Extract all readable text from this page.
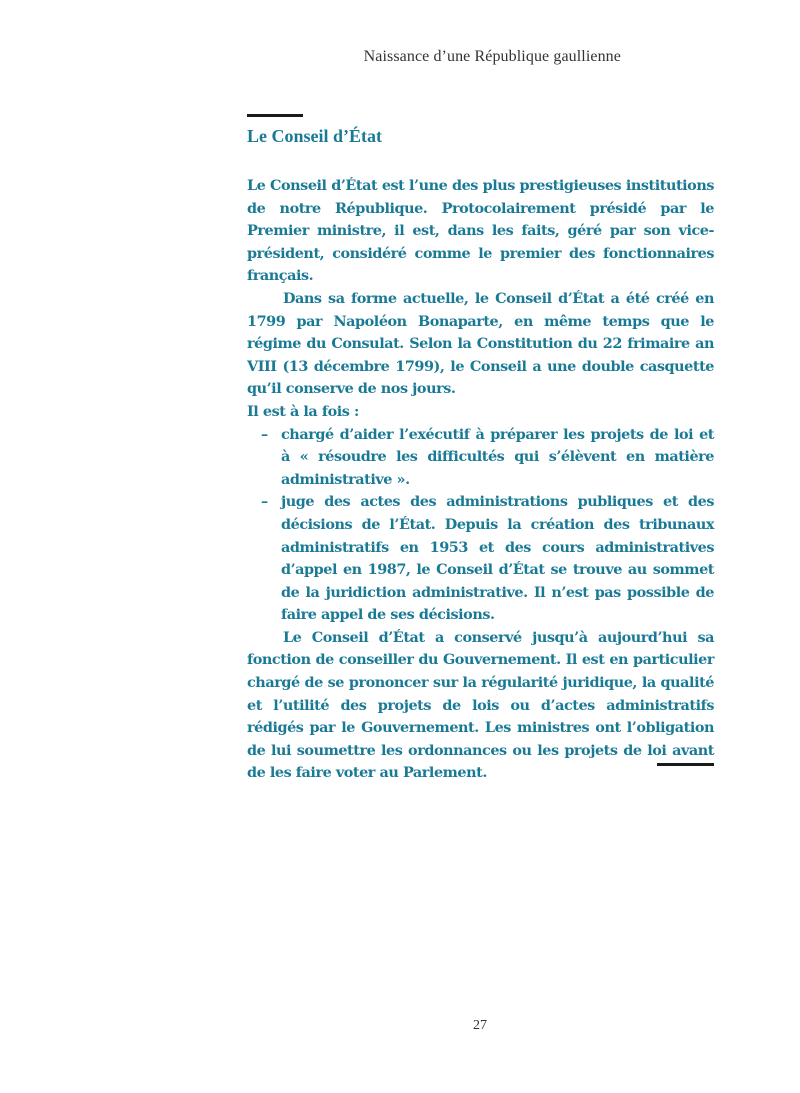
Naissance d’une République gaullienne
Le Conseil d’État

Le Conseil d’État est l’une des plus prestigieuses institutions de notre République. Protocolairement présidé par le Premier ministre, il est, dans les faits, géré par son vice-président, considéré comme le premier des fonctionnaires français.

Dans sa forme actuelle, le Conseil d’État a été créé en 1799 par Napoléon Bonaparte, en même temps que le régime du Consulat. Selon la Constitution du 22 frimaire an VIII (13 décembre 1799), le Conseil a une double casquette qu’il conserve de nos jours.

Il est à la fois :

– chargé d’aider l’exécutif à préparer les projets de loi et à « résoudre les difficultés qui s’élèvent en matière administrative ».
– juge des actes des administrations publiques et des décisions de l’État. Depuis la création des tribunaux administratifs en 1953 et des cours administratives d’appel en 1987, le Conseil d’État se trouve au sommet de la juridiction administrative. Il n’est pas possible de faire appel de ses décisions.

Le Conseil d’État a conservé jusqu’à aujourd’hui sa fonction de conseiller du Gouvernement. Il est en particulier chargé de se prononcer sur la régularité juridique, la qualité et l’utilité des projets de lois ou d’actes administratifs rédigés par le Gouvernement. Les ministres ont l’obligation de lui soumettre les ordonnances ou les projets de loi avant de les faire voter au Parlement.

27
